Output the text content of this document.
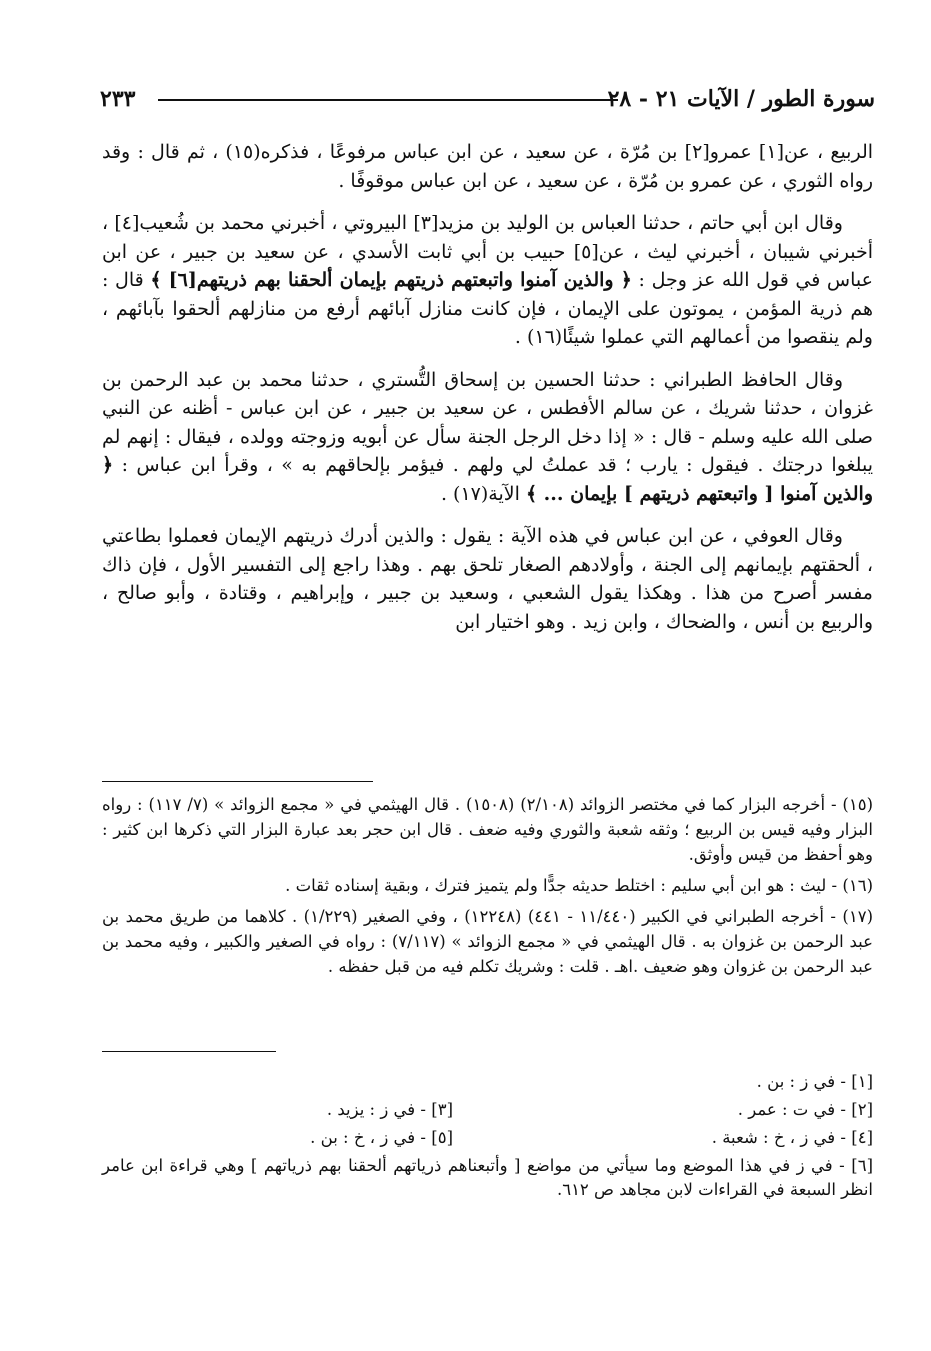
سورة الطور / الآيات ٢١ - ٢٨
٢٣٣

الربيع ، عن[١] عمرو[٢] بن مُرّة ، عن سعيد ، عن ابن عباس مرفوعًا ، فذكره(١٥) ، ثم قال : وقد رواه الثوري ، عن عمرو بن مُرّة ، عن سعيد ، عن ابن عباس موقوفًا .

وقال ابن أبي حاتم ، حدثنا العباس بن الوليد بن مزيد[٣] البيروتي ، أخبرني محمد بن شُعيب[٤] ، أخبرني شيبان ، أخبرني ليث ، عن[٥] حبيب بن أبي ثابت الأسدي ، عن سعيد بن جبير ، عن ابن عباس في قول الله عز وجل : ﴿ والذين آمنوا واتبعتهم ذريتهم بإيمان ألحقنا بهم ذريتهم[٦] ﴾ قال : هم ذرية المؤمن ، يموتون على الإيمان ، فإن كانت منازل آبائهم أرفع من منازلهم ألحقوا بآبائهم ، ولم ينقصوا من أعمالهم التي عملوا شيئًا(١٦) .

وقال الحافظ الطبراني : حدثنا الحسين بن إسحاق التُّستري ، حدثنا محمد بن عبد الرحمن بن غزوان ، حدثنا شريك ، عن سالم الأفطس ، عن سعيد بن جبير ، عن ابن عباس - أظنه عن النبي صلى الله عليه وسلم - قال : « إذا دخل الرجل الجنة سأل عن أبويه وزوجته وولده ، فيقال : إنهم لم يبلغوا درجتك . فيقول : يارب ؛ قد عملتُ لي ولهم . فيؤمر بإلحاقهم به » ، وقرأ ابن عباس : ﴿ والذين آمنوا [ واتبعتهم ذريتهم ] بإيمان ... ﴾ الآية(١٧) .

وقال العوفي ، عن ابن عباس في هذه الآية : يقول : والذين أدرك ذريتهم الإيمان فعملوا بطاعتي ، ألحقتهم بإيمانهم إلى الجنة ، وأولادهم الصغار تلحق بهم . وهذا راجع إلى التفسير الأول ، فإن ذاك مفسر أصرح من هذا . وهكذا يقول الشعبي ، وسعيد بن جبير ، وإبراهيم ، وقتادة ، وأبو صالح ، والربيع بن أنس ، والضحاك ، وابن زيد . وهو اختيار ابن

(١٥) - أخرجه البزار كما في مختصر الزوائد (٢/١٠٨) (١٥٠٨) . قال الهيثمي في « مجمع الزوائد » (٧/ ١١٧) : رواه البزار وفيه قيس بن الربيع ؛ وثقه شعبة والثوري وفيه ضعف . قال ابن حجر بعد عبارة البزار التي ذكرها ابن كثير : وهو أحفظ من قيس وأوثق.

(١٦) - ليث : هو ابن أبي سليم : اختلط حديثه جدًّا ولم يتميز فترك ، وبقية إسناده ثقات .

(١٧) - أخرجه الطبراني في الكبير (١١/٤٤٠ - ٤٤١) (١٢٢٤٨) ، وفي الصغير (١/٢٢٩) . كلاهما من طريق محمد بن عبد الرحمن بن غزوان به . قال الهيثمي في « مجمع الزوائد » (٧/١١٧) : رواه في الصغير والكبير ، وفيه محمد بن عبد الرحمن بن غزوان وهو ضعيف .اهـ . قلت : وشريك تكلم فيه من قبل حفظه .

[١] - في ز : بن .
[٢] - في ت : عمر .
[٣] - في ز : يزيد .
[٤] - في ز ، خ : شعبة .
[٥] - في ز ، خ : بن .
[٦] - في ز في هذا الموضع وما سيأتي من مواضع [ وأتبعناهم ذرياتهم ألحقنا بهم ذرياتهم ] وهي قراءة ابن عامر انظر السبعة في القراءات لابن مجاهد ص ٦١٢.
